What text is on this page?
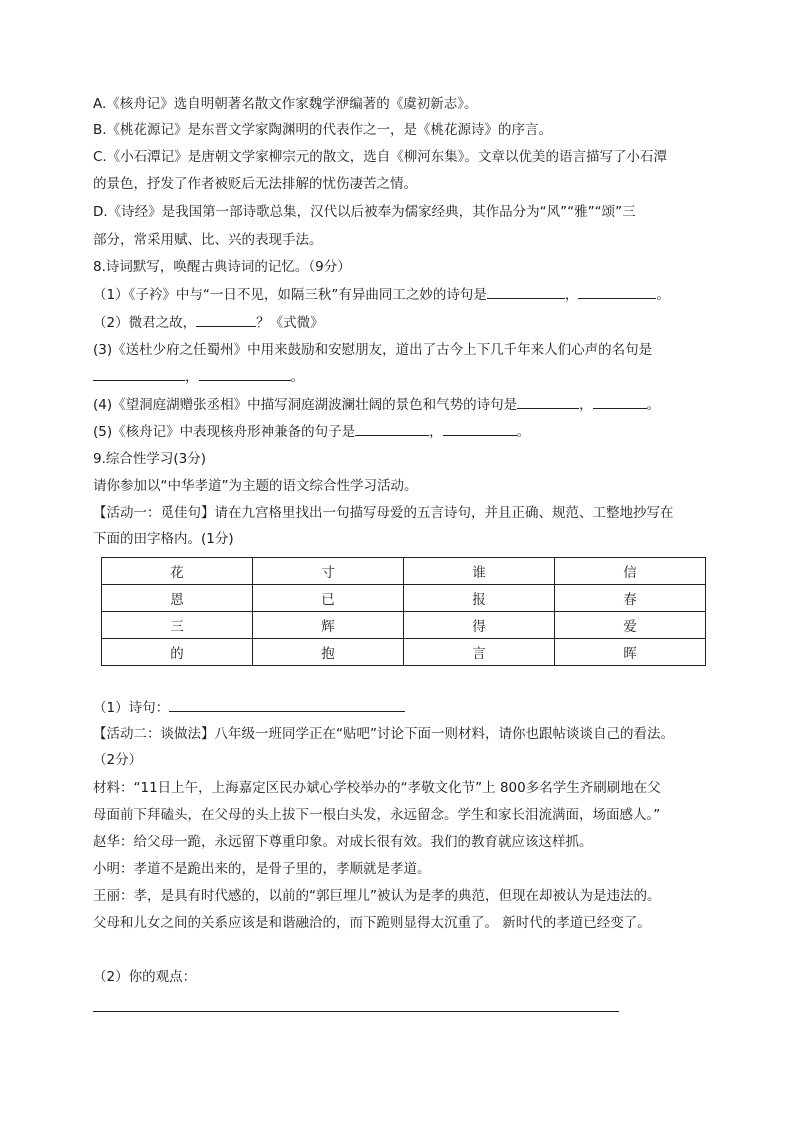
A.《核舟记》选自明朝著名散文作家魏学洢编著的《虞初新志》。
B.《桃花源记》是东晋文学家陶渊明的代表作之一，是《桃花源诗》的序言。
C.《小石潭记》是唐朝文学家柳宗元的散文，选自《柳河东集》。文章以优美的语言描写了小石潭
的景色，抒发了作者被贬后无法排解的忧伤凄苦之情。
D.《诗经》是我国第一部诗歌总集，汉代以后被奉为儒家经典，其作品分为“风”“雅”“颂”三
部分，常采用赋、比、兴的表现手法。
8.诗词默写，唤醒古典诗词的记忆。（9分）
（1）《子衿》中与“一日不见，如隔三秋”有异曲同工之妙的诗句是	，	。
（2）微君之故，	？《式微》
(3)《送杜少府之任蜀州》中用来鼓励和安慰朋友，道出了古今上下几千年来人们心声的名句是
，	。
(4)《望洞庭湖赠张丞相》中描写洞庭湖波澜壮阔的景色和气势的诗句是	，	。
(5)《核舟记》中表现核舟形神兼备的句子是	，	。
9.综合性学习(3分)
请你参加以“中华孝道”为主题的语文综合性学习活动。
【活动一：觅佳句】请在九宫格里找出一句描写母爱的五言诗句，并且正确、规范、工整地抄写在
下面的田字格内。(1分)
花	寸	谁	信
恩	已	报	春
三	辉	得	爱
的	抱	言	晖
（1）诗句：
【活动二：谈做法】八年级一班同学正在“贴吧”讨论下面一则材料，请你也跟帖谈谈自己的看法。
（2分）
材料：“11日上午，上海嘉定区民办斌心学校举办的“孝敬文化节”上 800多名学生齐刷刷地在父
母面前下拜磕头，在父母的头上拔下一根白头发，永远留念。学生和家长泪流满面，场面感人。”
赵华：给父母一跪，永远留下尊重印象。对成长很有效。我们的教育就应该这样抓。
小明：孝道不是跪出来的，是骨子里的，孝顺就是孝道。
王丽：孝，是具有时代感的，以前的“郭巨埋儿”被认为是孝的典范，但现在却被认为是违法的。
父母和儿女之间的关系应该是和谐融洽的，而下跪则显得太沉重了。 新时代的孝道已经变了。
（2）你的观点：
